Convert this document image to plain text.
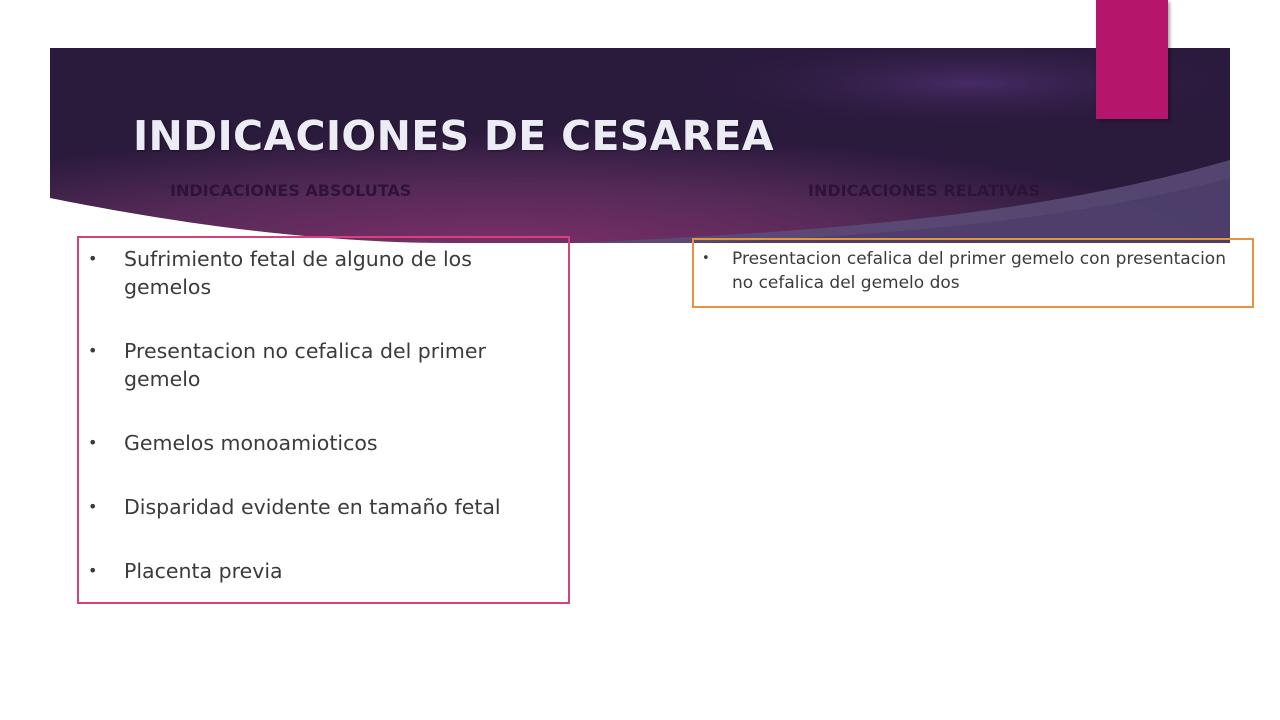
INDICACIONES DE CESAREA
INDICACIONES ABSOLUTAS	INDICACIONES RELATIVAS
• Sufrimiento fetal de alguno de los gemelos
• Presentacion no cefalica del primer gemelo
• Gemelos monoamioticos
• Disparidad evidente en tamaño fetal
• Placenta previa
• Presentacion cefalica del primer gemelo con presentacion no cefalica del gemelo dos
